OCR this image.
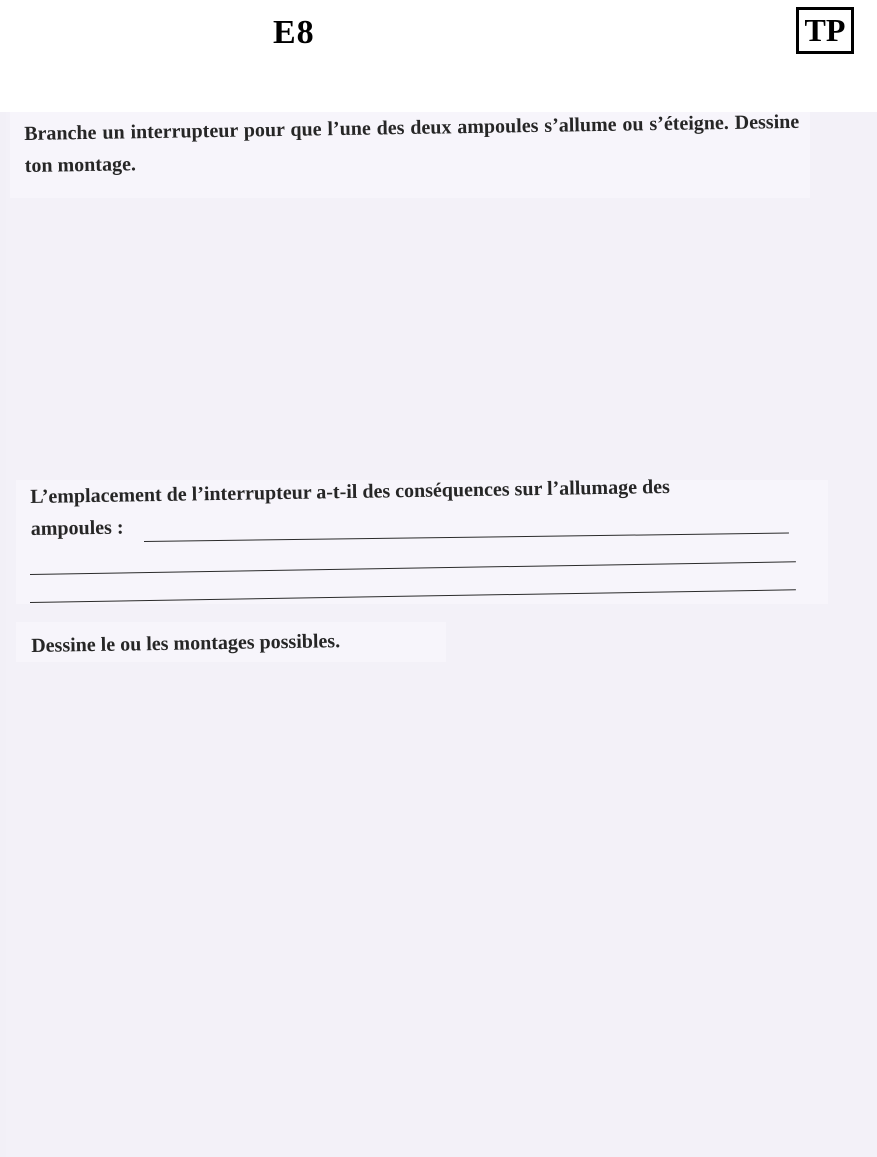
E8	TP
Branche un interrupteur pour que l’une des deux ampoules s’allume ou s’éteigne. Dessine ton montage.
L’emplacement de l’interrupteur a-t-il des conséquences sur l’allumage des
ampoules :
Dessine le ou les montages possibles.
